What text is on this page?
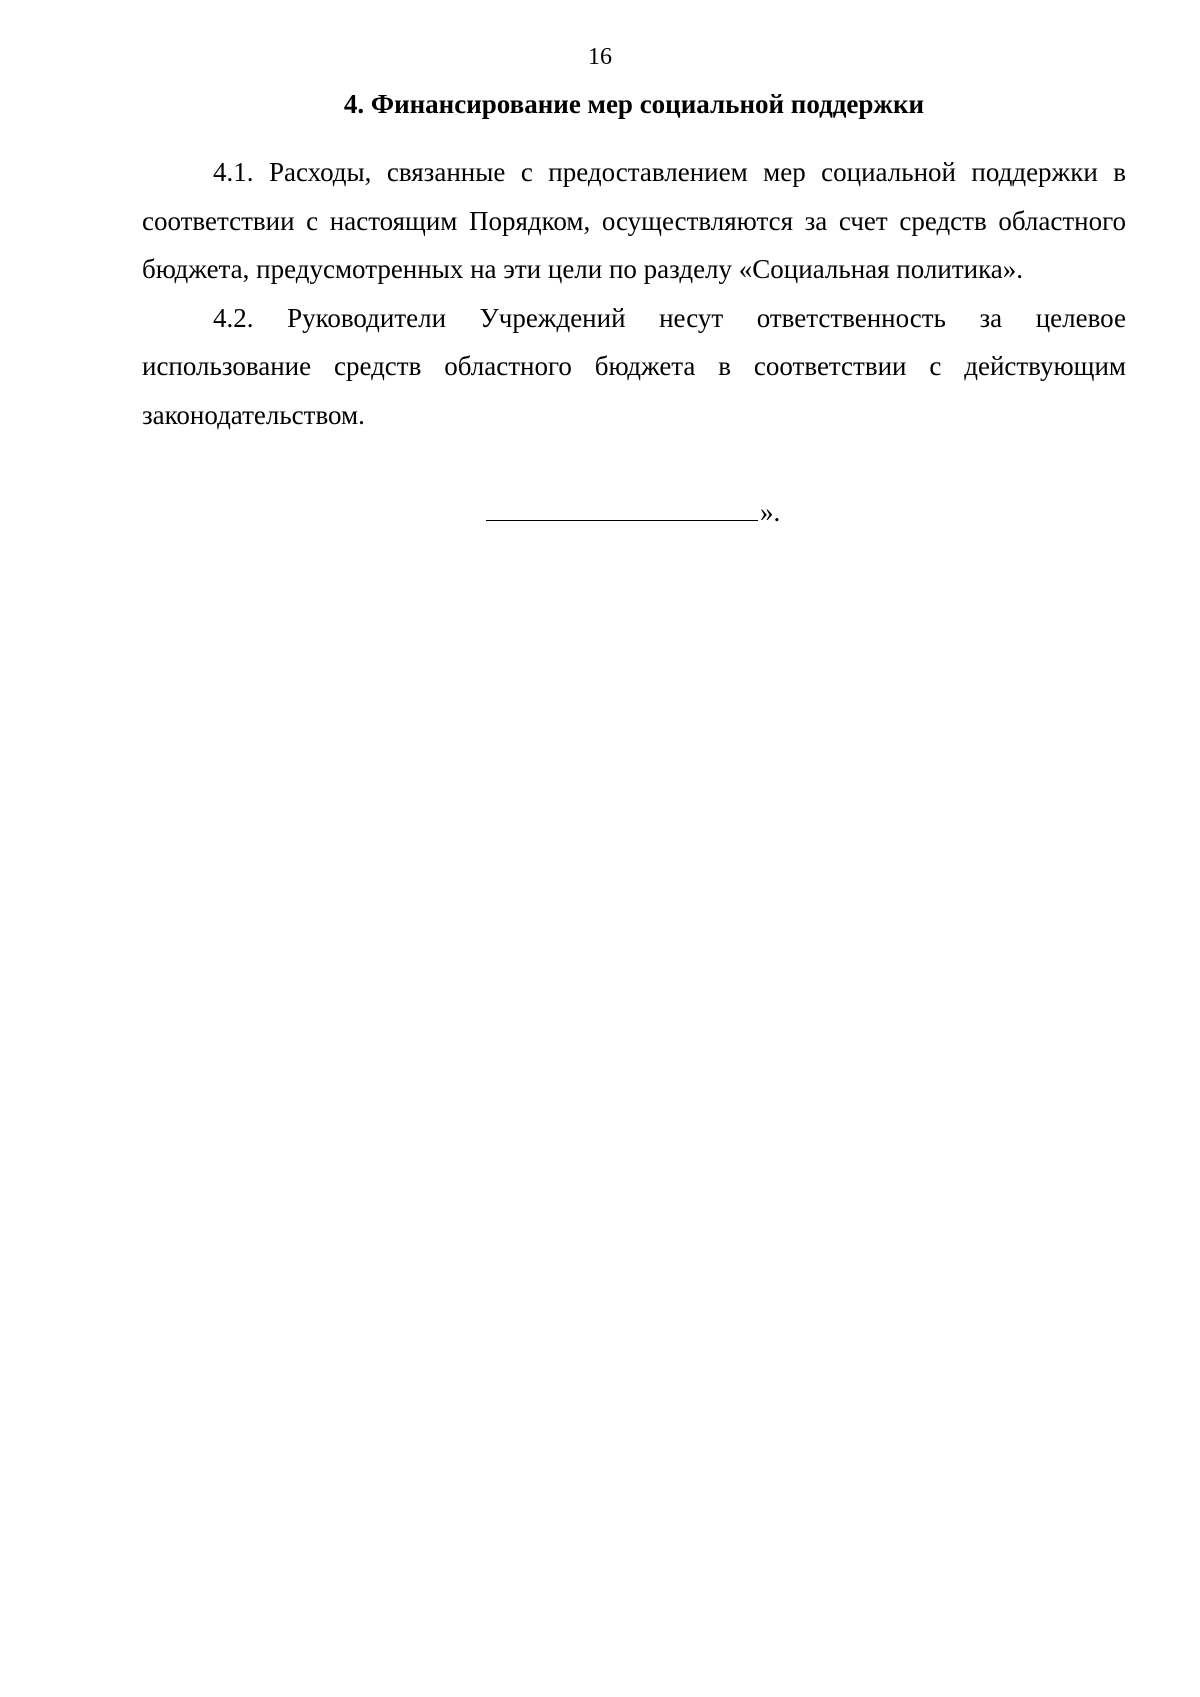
16
4. Финансирование мер социальной поддержки

4.1. Расходы, связанные с предоставлением мер социальной поддержки в соответствии с настоящим Порядком, осуществляются за счет средств областного бюджета, предусмотренных на эти цели по разделу «Социальная политика».

4.2. Руководители Учреждений несут ответственность за целевое использование средств областного бюджета в соответствии с действующим законодательством.

».
